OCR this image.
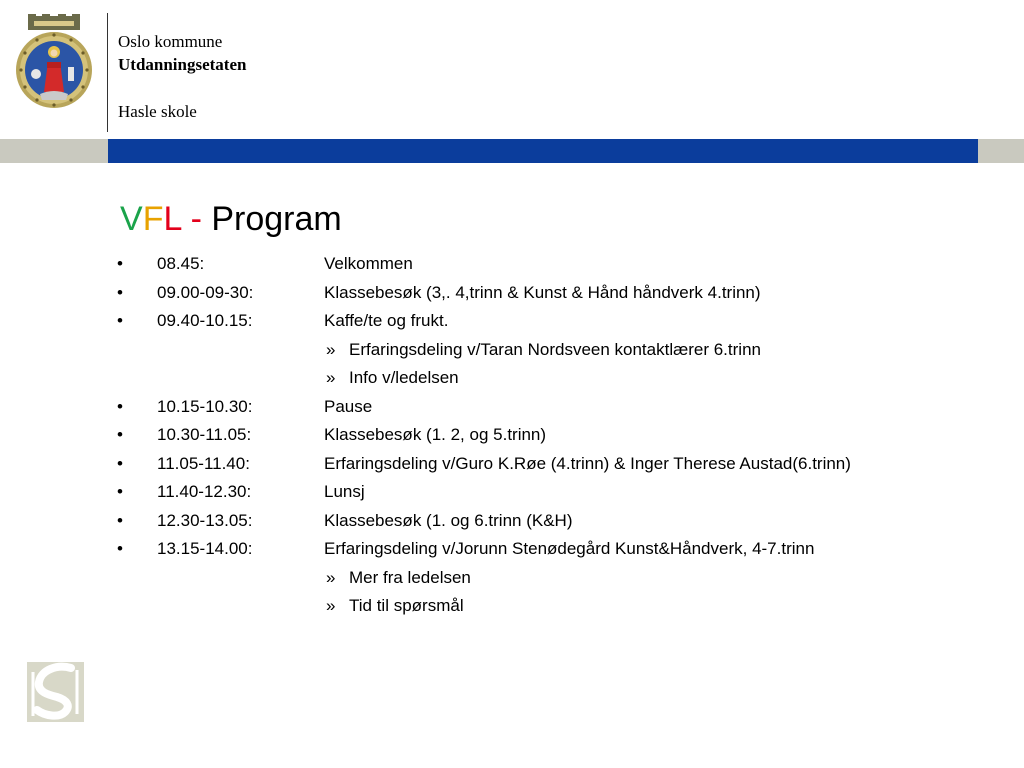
Oslo kommune
Utdanningsetaten
Hasle skole
VFL - Program
• 08.45:	Velkommen
• 09.00-09-30:	Klassebesøk (3,. 4,trinn & Kunst & Hånd håndverk 4.trinn)
• 09.40-10.15:	Kaffe/te og frukt.
» Erfaringsdeling v/Taran Nordsveen kontaktlærer 6.trinn
» Info v/ledelsen
• 10.15-10.30:	Pause
• 10.30-11.05:	Klassebesøk (1. 2, og 5.trinn)
• 11.05-11.40:	Erfaringsdeling v/Guro K.Røe (4.trinn) & Inger Therese Austad(6.trinn)
• 11.40-12.30:	Lunsj
• 12.30-13.05:	Klassebesøk (1. og 6.trinn (K&H)
• 13.15-14.00:	Erfaringsdeling v/Jorunn Stenødegård Kunst&Håndverk, 4-7.trinn
» Mer fra ledelsen
» Tid til spørsmål
